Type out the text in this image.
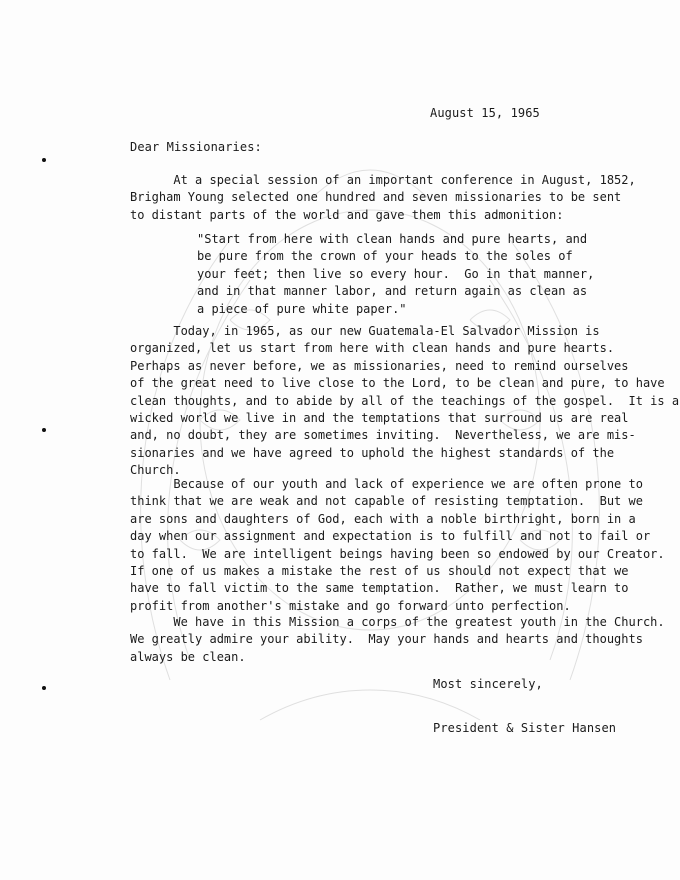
August 15, 1965
Dear Missionaries:
At a special session of an important conference in August, 1852,
Brigham Young selected one hundred and seven missionaries to be sent
to distant parts of the world and gave them this admonition:
"Start from here with clean hands and pure hearts, and
be pure from the crown of your heads to the soles of
your feet; then live so every hour.  Go in that manner,
and in that manner labor, and return again as clean as
a piece of pure white paper."
Today, in 1965, as our new Guatemala-El Salvador Mission is
organized, let us start from here with clean hands and pure hearts.
Perhaps as never before, we as missionaries, need to remind ourselves
of the great need to live close to the Lord, to be clean and pure, to have
clean thoughts, and to abide by all of the teachings of the gospel.  It is a
wicked world we live in and the temptations that surround us are real
and, no doubt, they are sometimes inviting.  Nevertheless, we are mis-
sionaries and we have agreed to uphold the highest standards of the
Church.
Because of our youth and lack of experience we are often prone to
think that we are weak and not capable of resisting temptation.  But we
are sons and daughters of God, each with a noble birthright, born in a
day when our assignment and expectation is to fulfill and not to fail or
to fall.  We are intelligent beings having been so endowed by our Creator.
If one of us makes a mistake the rest of us should not expect that we
have to fall victim to the same temptation.  Rather, we must learn to
profit from another's mistake and go forward unto perfection.
We have in this Mission a corps of the greatest youth in the Church.
We greatly admire your ability.  May your hands and hearts and thoughts
always be clean.
Most sincerely,
President & Sister Hansen
